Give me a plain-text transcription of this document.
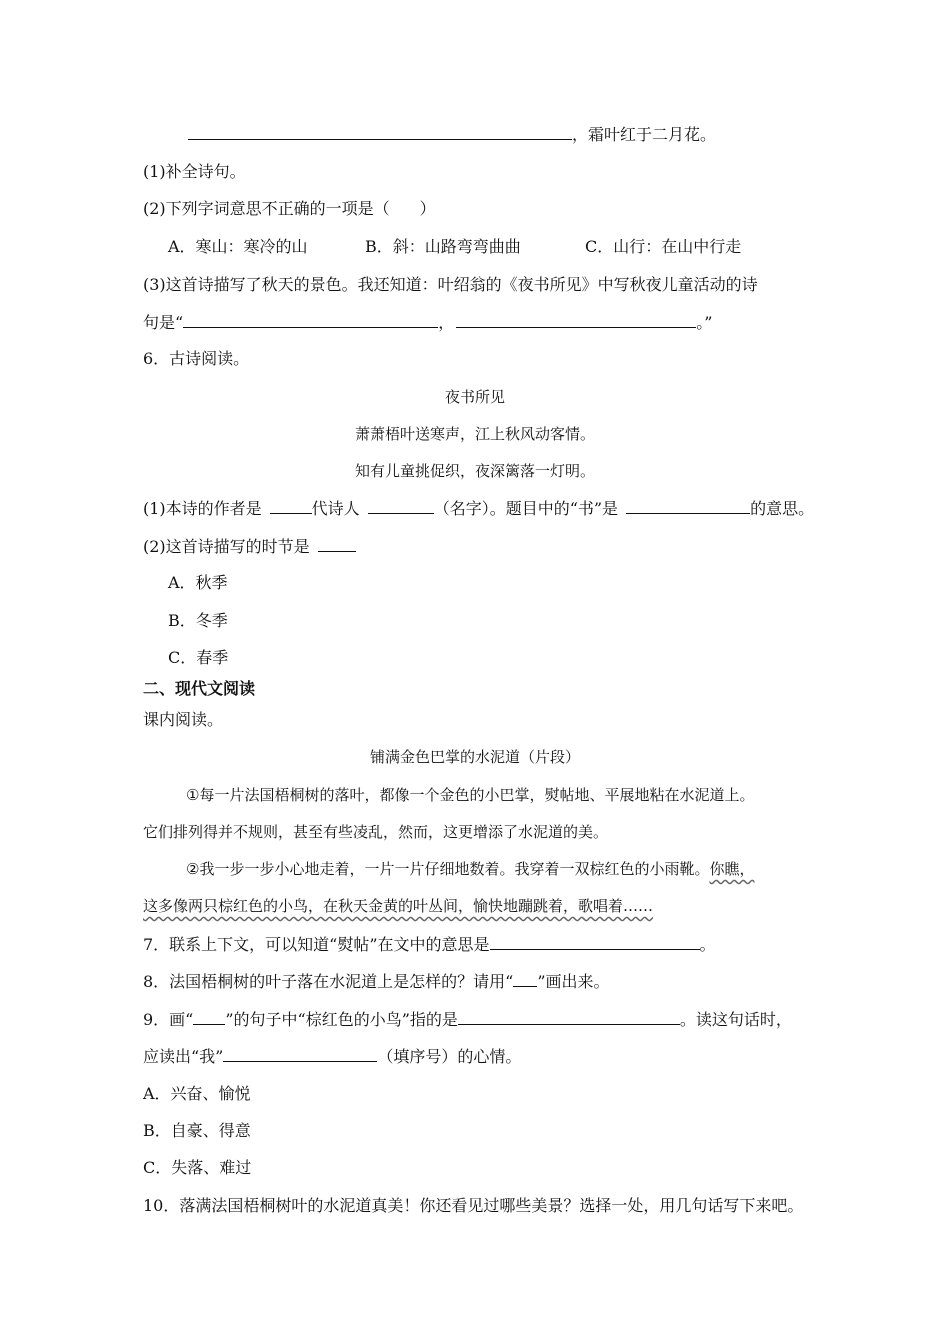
，霜叶红于二月花。
(1)补全诗句。
(2)下列字词意思不正确的一项是（ ）
A．寒山：寒冷的山	B．斜：山路弯弯曲曲	C．山行：在山中行走
(3)这首诗描写了秋天的景色。我还知道：叶绍翁的《夜书所见》中写秋夜儿童活动的诗
句是“	，	。”
6．古诗阅读。
夜书所见
萧萧梧叶送寒声，江上秋风动客情。
知有儿童挑促织，夜深篱落一灯明。
(1)本诗的作者是	代诗人	（名字）。题目中的“书”是	的意思。
(2)这首诗描写的时节是
A．秋季
B．冬季
C．春季
二、现代文阅读
课内阅读。
铺满金色巴掌的水泥道（片段）
①每一片法国梧桐树的落叶，都像一个金色的小巴掌，熨帖地、平展地粘在水泥道上。
它们排列得并不规则，甚至有些凌乱，然而，这更增添了水泥道的美。
②我一步一步小心地走着，一片一片仔细地数着。我穿着一双棕红色的小雨靴。你瞧，
这多像两只棕红色的小鸟，在秋天金黄的叶丛间，愉快地蹦跳着，歌唱着……
7．联系上下文，可以知道“熨帖”在文中的意思是	。
8．法国梧桐树的叶子落在水泥道上是怎样的？请用“ ”画出来。
9．画“ ”的句子中“棕红色的小鸟”指的是	。读这句话时，
应读出“我”	（填序号）的心情。
A．兴奋、愉悦
B．自豪、得意
C．失落、难过
10．落满法国梧桐树叶的水泥道真美！你还看见过哪些美景？选择一处，用几句话写下来吧。
